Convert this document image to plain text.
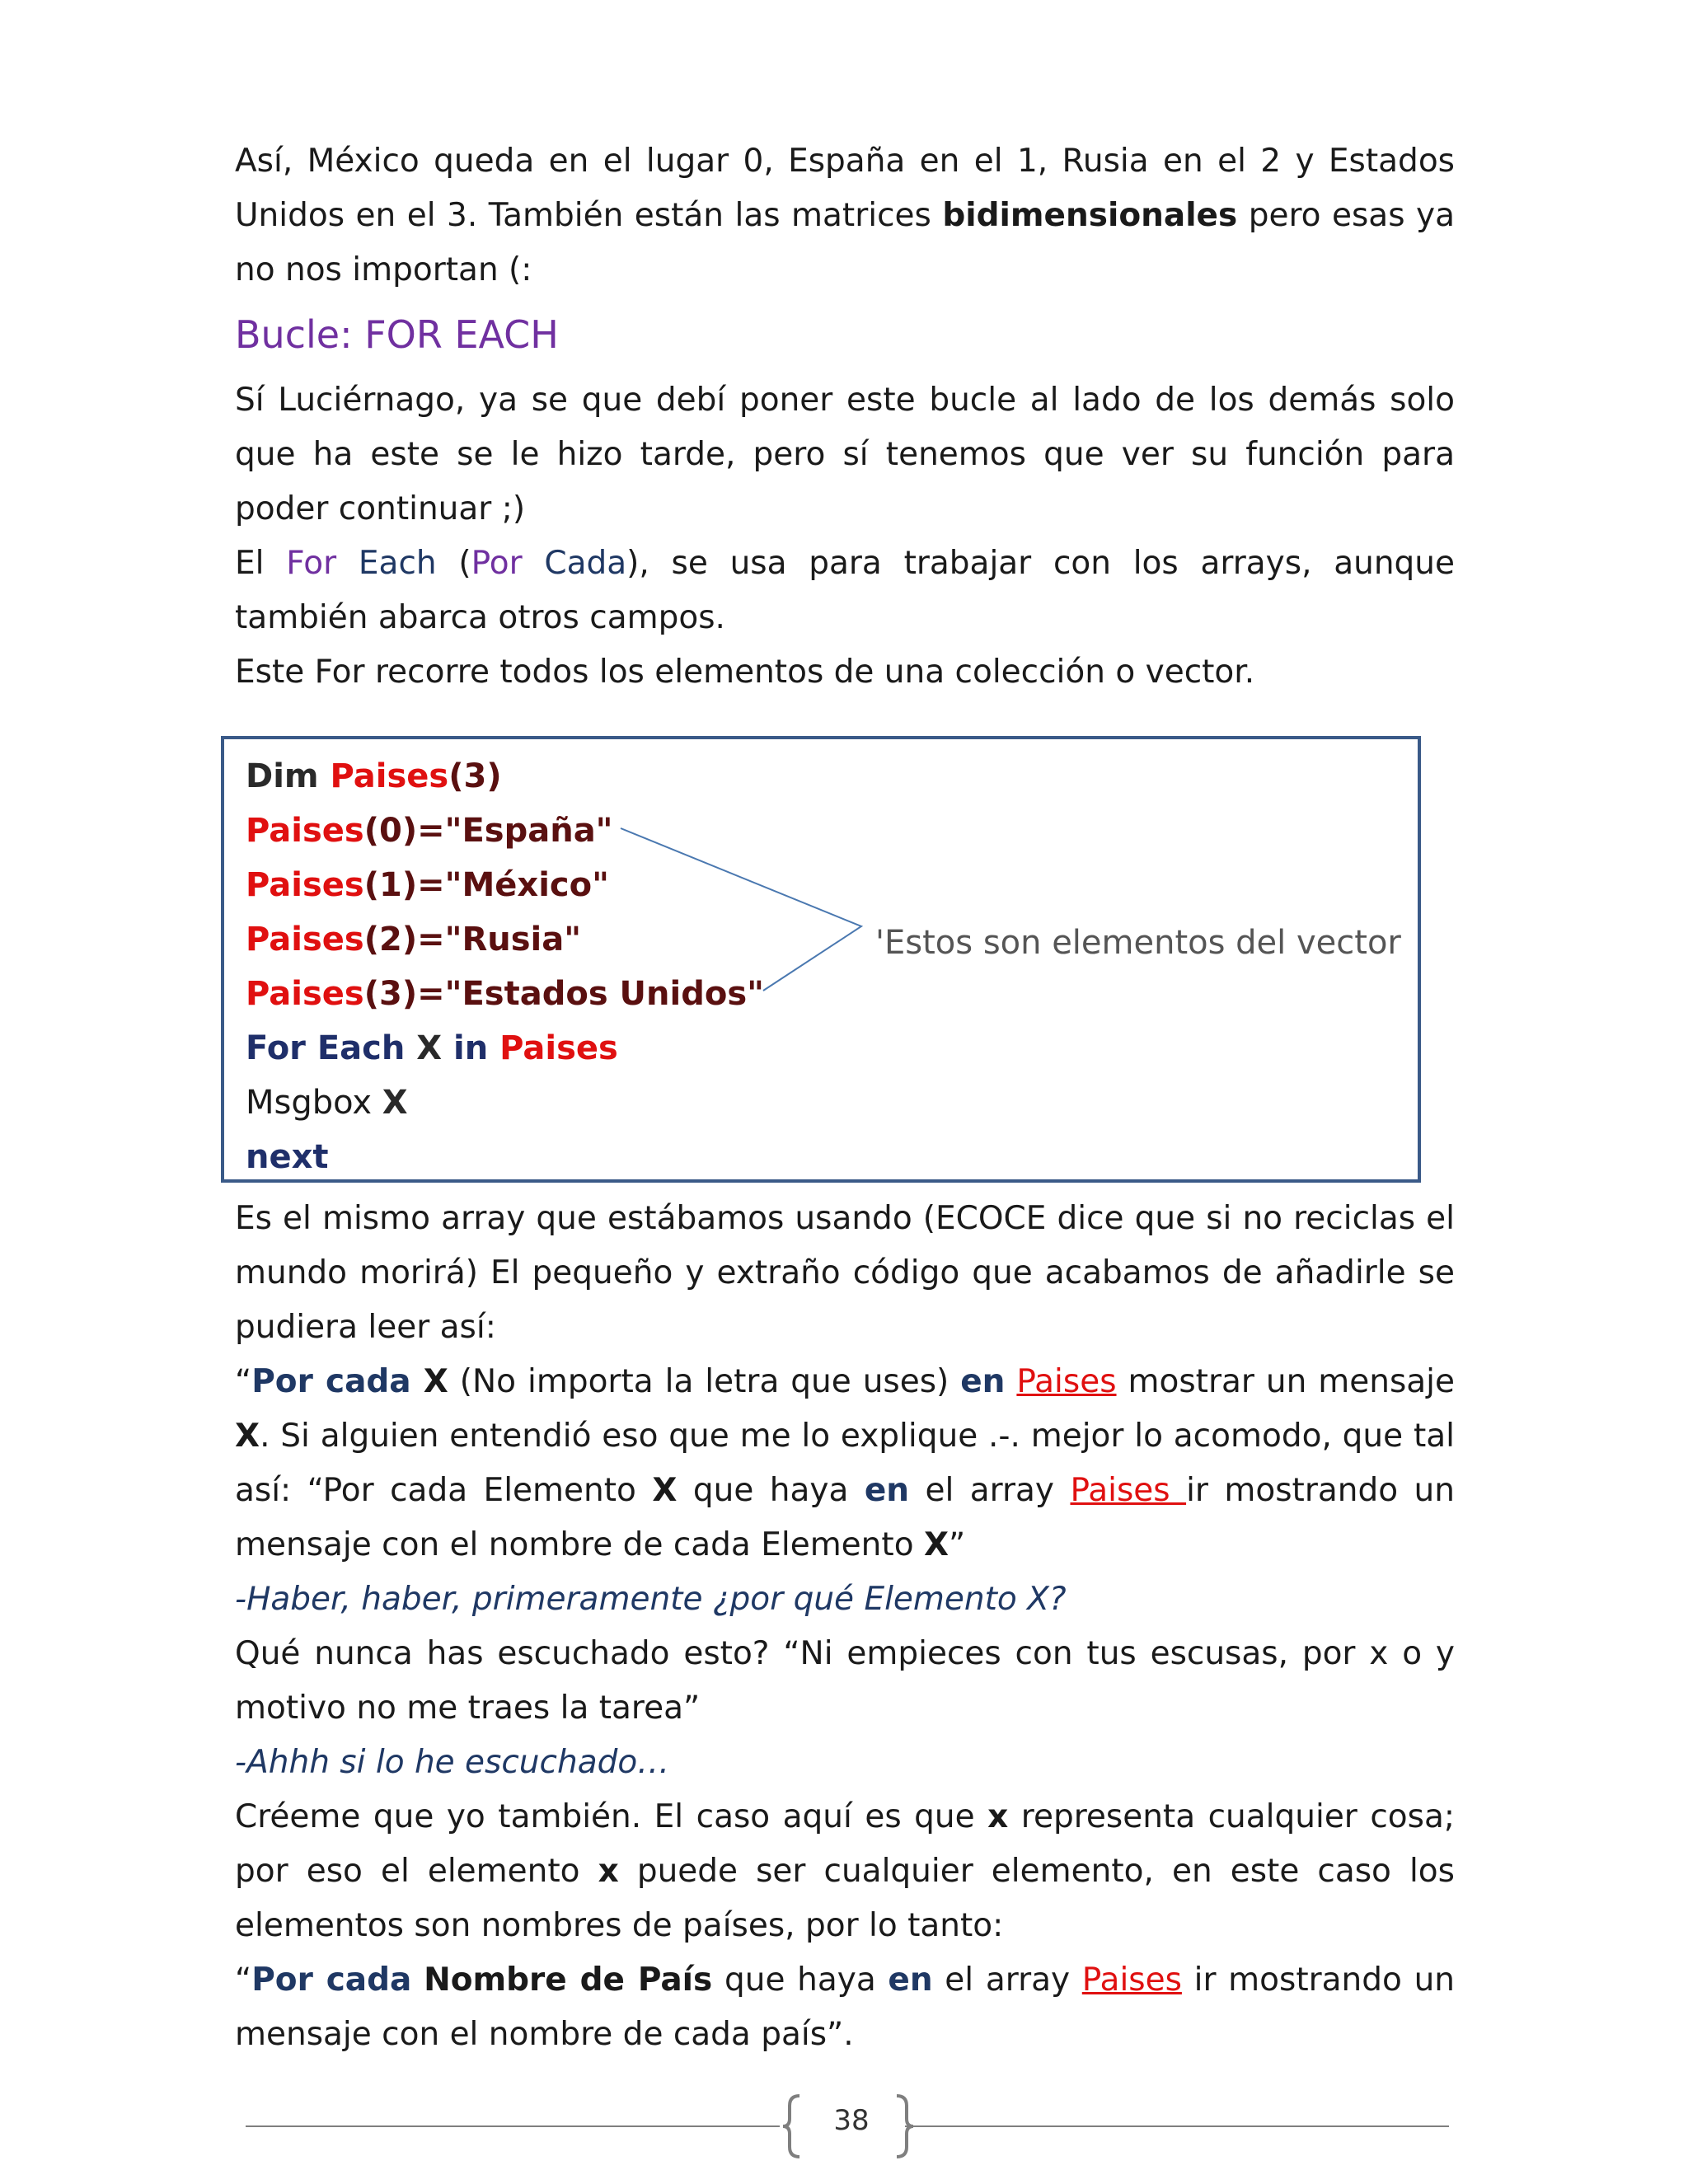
Así, México queda en el lugar 0, España en el 1, Rusia en el 2 y Estados Unidos en el 3. También están las matrices bidimensionales pero esas ya no nos importan (:

Bucle: FOR EACH

Sí Luciérnago, ya se que debí poner este bucle al lado de los demás solo que ha este se le hizo tarde, pero sí tenemos que ver su función para poder continuar ;)

El For Each (Por Cada), se usa para trabajar con los arrays, aunque también abarca otros campos.

Este For recorre todos los elementos de una colección o vector.

Dim Paises(3)
Paises(0)="España"
Paises(1)="México"
Paises(2)="Rusia"
Paises(3)="Estados Unidos"
For Each X in Paises
Msgbox X
next
'Estos son elementos del vector

Es el mismo array que estábamos usando (ECOCE dice que si no reciclas el mundo morirá) El pequeño y extraño código que acabamos de añadirle se pudiera leer así:

“Por cada X (No importa la letra que uses) en Paises mostrar un mensaje X. Si alguien entendió eso que me lo explique .-. mejor lo acomodo, que tal así: “Por cada Elemento X que haya en el array Paises ir mostrando un mensaje con el nombre de cada Elemento X”

-Haber, haber, primeramente ¿por qué Elemento X?

Qué nunca has escuchado esto? “Ni empieces con tus escusas, por x o y motivo no me traes la tarea”

-Ahhh si lo he escuchado…

Créeme que yo también. El caso aquí es que x representa cualquier cosa; por eso el elemento x puede ser cualquier elemento, en este caso los elementos son nombres de países, por lo tanto:

“Por cada Nombre de País que haya en el array Paises ir mostrando un mensaje con el nombre de cada país”.

38
